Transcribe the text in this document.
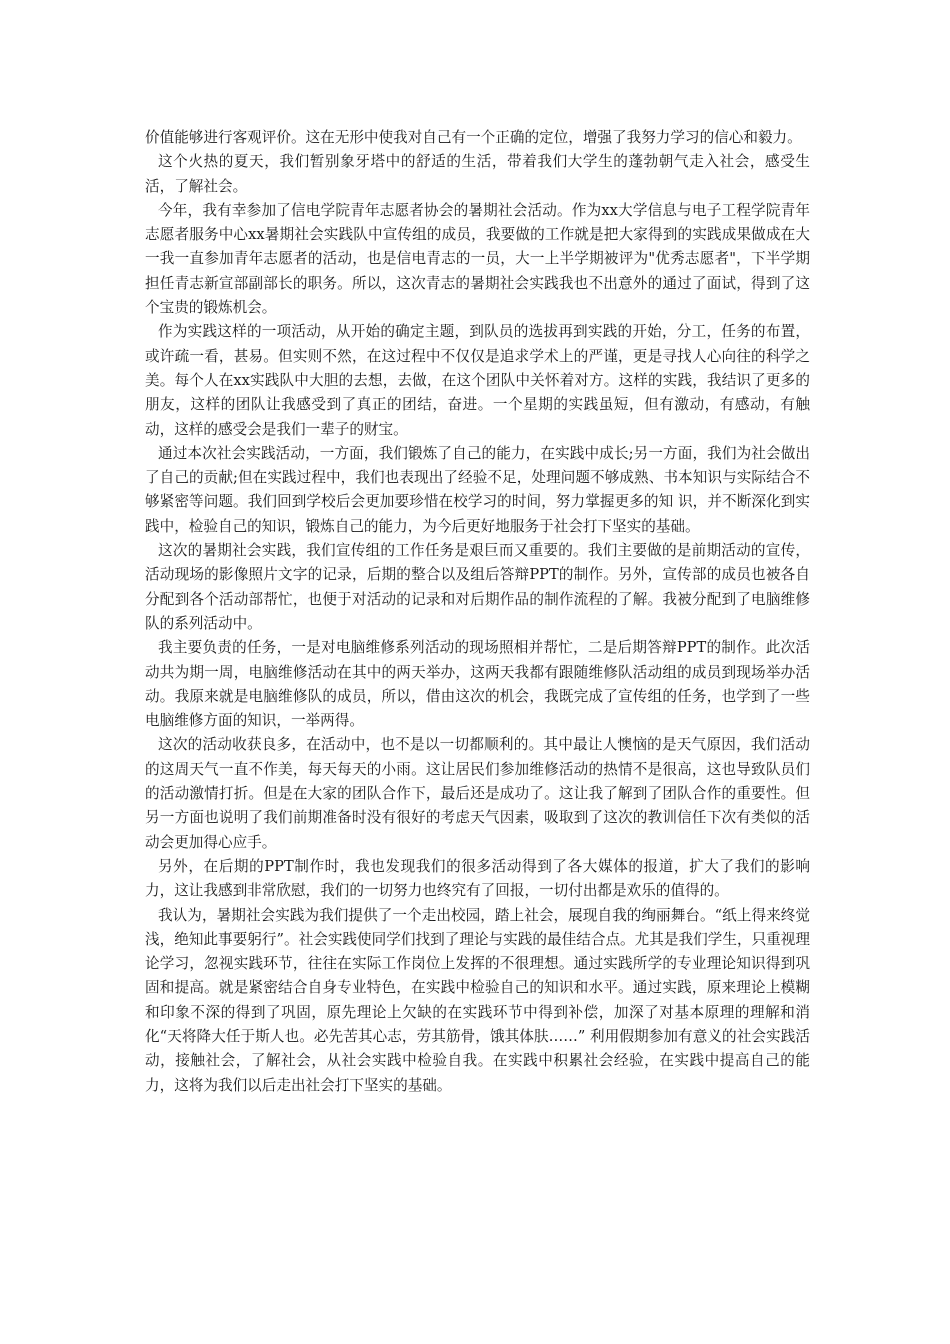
价值能够进行客观评价。这在无形中使我对自己有一个正确的定位，增强了我努力学习的信心和毅力。

这个火热的夏天，我们暂别象牙塔中的舒适的生活，带着我们大学生的蓬勃朝气走入社会，感受生活，了解社会。

今年，我有幸参加了信电学院青年志愿者协会的暑期社会活动。作为xx大学信息与电子工程学院青年志愿者服务中心xx暑期社会实践队中宣传组的成员，我要做的工作就是把大家得到的实践成果做成在大一我一直参加青年志愿者的活动，也是信电青志的一员，大一上半学期被评为"优秀志愿者"，下半学期担任青志新宣部副部长的职务。所以，这次青志的暑期社会实践我也不出意外的通过了面试，得到了这个宝贵的锻炼机会。

作为实践这样的一项活动，从开始的确定主题，到队员的选拔再到实践的开始，分工，任务的布置，或许疏一看，甚易。但实则不然，在这过程中不仅仅是追求学术上的严谨，更是寻找人心向往的科学之美。每个人在xx实践队中大胆的去想，去做，在这个团队中关怀着对方。这样的实践，我结识了更多的朋友，这样的团队让我感受到了真正的团结，奋进。一个星期的实践虽短，但有激动，有感动，有触动，这样的感受会是我们一辈子的财宝。

通过本次社会实践活动，一方面，我们锻炼了自己的能力，在实践中成长;另一方面，我们为社会做出了自己的贡献;但在实践过程中，我们也表现出了经验不足，处理问题不够成熟、书本知识与实际结合不够紧密等问题。我们回到学校后会更加要珍惜在校学习的时间，努力掌握更多的知 识，并不断深化到实践中，检验自己的知识，锻炼自己的能力，为今后更好地服务于社会打下坚实的基础。

这次的暑期社会实践，我们宣传组的工作任务是艰巨而又重要的。我们主要做的是前期活动的宣传，活动现场的影像照片文字的记录，后期的整合以及组后答辩PPT的制作。另外，宣传部的成员也被各自分配到各个活动部帮忙，也便于对活动的记录和对后期作品的制作流程的了解。我被分配到了电脑维修队的系列活动中。

我主要负责的任务，一是对电脑维修系列活动的现场照相并帮忙，二是后期答辩PPT的制作。此次活动共为期一周，电脑维修活动在其中的两天举办，这两天我都有跟随维修队活动组的成员到现场举办活动。我原来就是电脑维修队的成员，所以，借由这次的机会，我既完成了宣传组的任务，也学到了一些电脑维修方面的知识，一举两得。

这次的活动收获良多，在活动中，也不是以一切都顺利的。其中最让人懊恼的是天气原因，我们活动的这周天气一直不作美，每天每天的小雨。这让居民们参加维修活动的热情不是很高，这也导致队员们的活动激情打折。但是在大家的团队合作下，最后还是成功了。这让我了解到了团队合作的重要性。但另一方面也说明了我们前期准备时没有很好的考虑天气因素，吸取到了这次的教训信任下次有类似的活动会更加得心应手。

另外，在后期的PPT制作时，我也发现我们的很多活动得到了各大媒体的报道，扩大了我们的影响力，这让我感到非常欣慰，我们的一切努力也终究有了回报，一切付出都是欢乐的值得的。

我认为，暑期社会实践为我们提供了一个走出校园，踏上社会，展现自我的绚丽舞台。“纸上得来终觉浅，绝知此事要躬行”。社会实践使同学们找到了理论与实践的最佳结合点。尤其是我们学生，只重视理论学习，忽视实践环节，往往在实际工作岗位上发挥的不很理想。通过实践所学的专业理论知识得到巩固和提高。就是紧密结合自身专业特色，在实践中检验自己的知识和水平。通过实践，原来理论上模糊和印象不深的得到了巩固，原先理论上欠缺的在实践环节中得到补偿，加深了对基本原理的理解和消化“天将降大任于斯人也。必先苦其心志，劳其筋骨，饿其体肤……” 利用假期参加有意义的社会实践活动，接触社会，了解社会，从社会实践中检验自我。在实践中积累社会经验，在实践中提高自己的能力，这将为我们以后走出社会打下坚实的基础。
